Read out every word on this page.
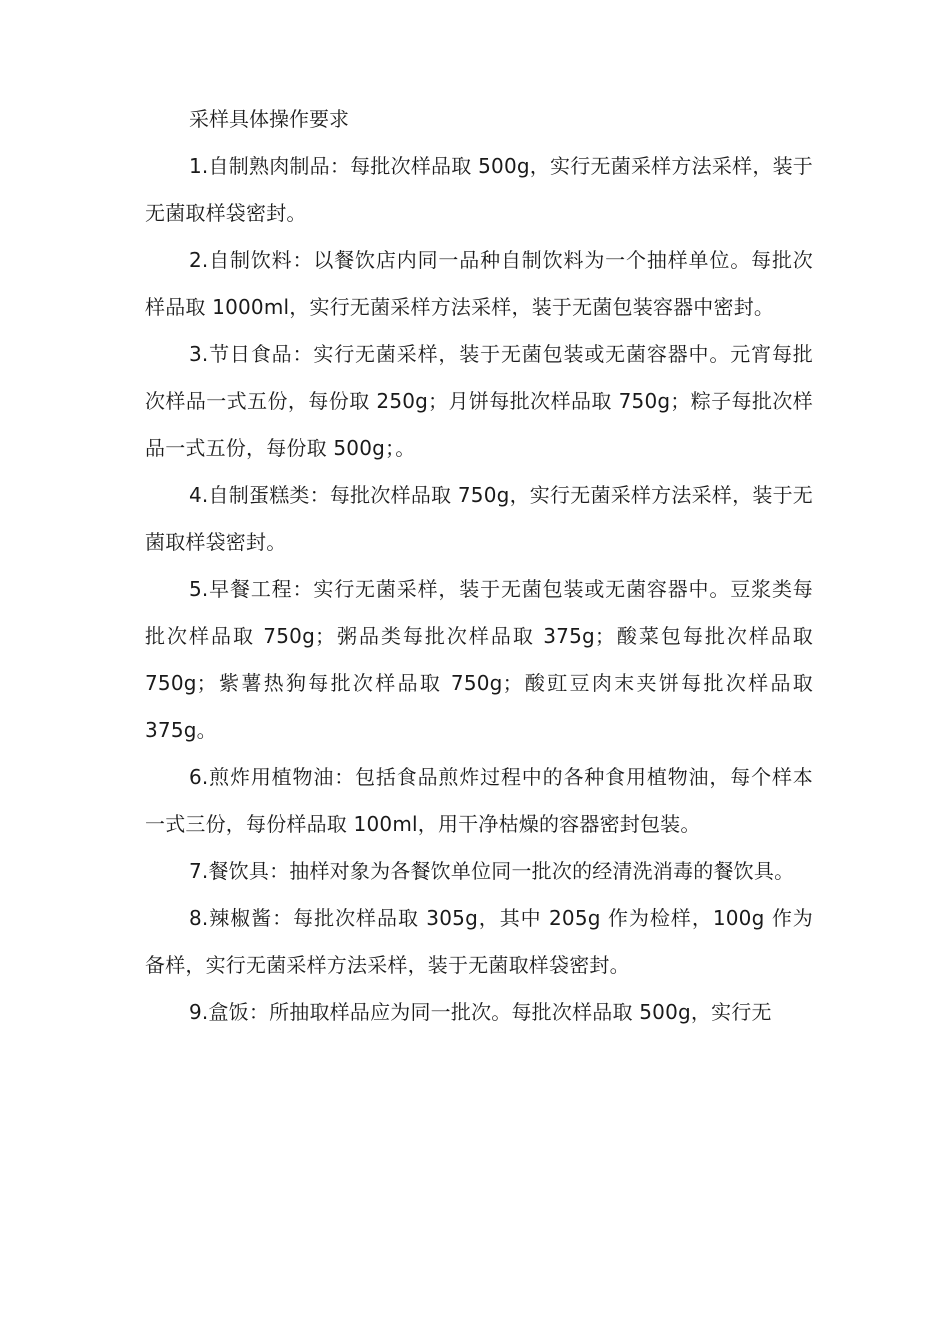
采样具体操作要求

1.自制熟肉制品：每批次样品取 500g，实行无菌采样方法采样，装于无菌取样袋密封。

2.自制饮料：以餐饮店内同一品种自制饮料为一个抽样单位。每批次样品取 1000ml，实行无菌采样方法采样，装于无菌包装容器中密封。

3.节日食品：实行无菌采样，装于无菌包装或无菌容器中。元宵每批次样品一式五份，每份取 250g；月饼每批次样品取 750g；粽子每批次样品一式五份，每份取 500g；。

4.自制蛋糕类：每批次样品取 750g，实行无菌采样方法采样，装于无菌取样袋密封。

5.早餐工程：实行无菌采样，装于无菌包装或无菌容器中。豆浆类每批次样品取 750g；粥品类每批次样品取 375g；酸菜包每批次样品取 750g；紫薯热狗每批次样品取 750g；酸豇豆肉末夹饼每批次样品取 375g。

6.煎炸用植物油：包括食品煎炸过程中的各种食用植物油，每个样本一式三份，每份样品取 100ml，用干净枯燥的容器密封包装。

7.餐饮具：抽样对象为各餐饮单位同一批次的经清洗消毒的餐饮具。

8.辣椒酱：每批次样品取 305g，其中 205g 作为检样，100g 作为备样，实行无菌采样方法采样，装于无菌取样袋密封。

9.盒饭：所抽取样品应为同一批次。每批次样品取 500g，实行无
